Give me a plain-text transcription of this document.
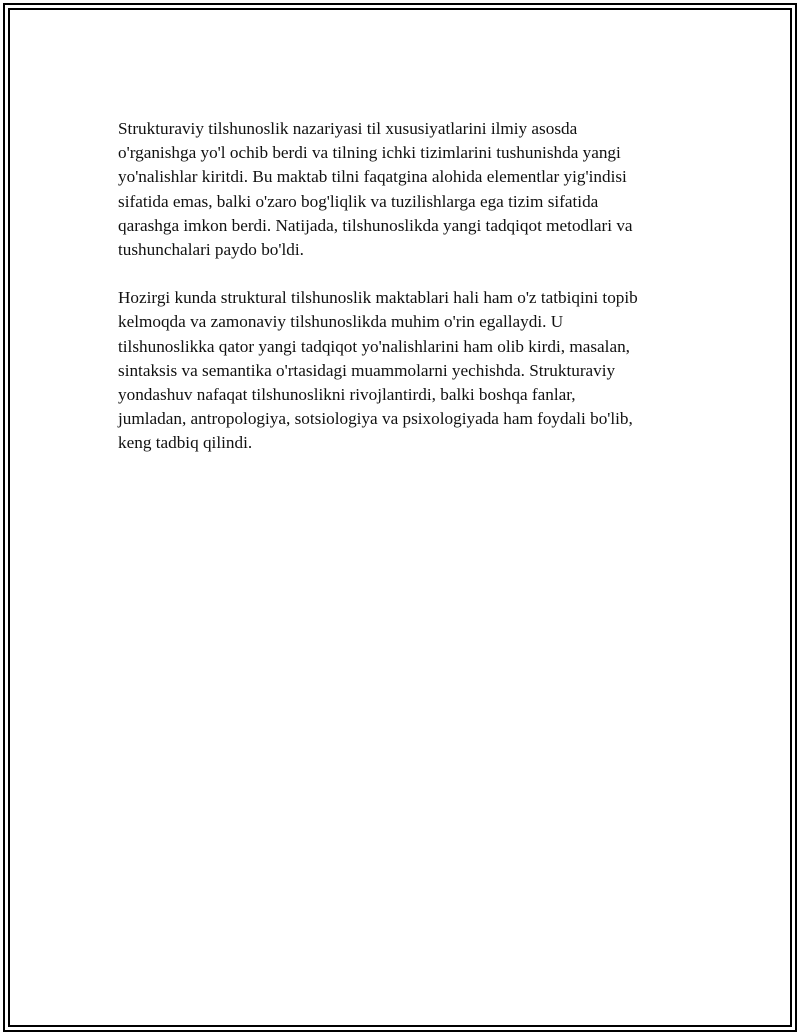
Strukturaviy tilshunoslik nazariyasi til xususiyatlarini ilmiy asosda
o'rganishga yo'l ochib berdi va tilning ichki tizimlarini tushunishda yangi
yo'nalishlar kiritdi. Bu maktab tilni faqatgina alohida elementlar yig'indisi
sifatida emas, balki o'zaro bog'liqlik va tuzilishlarga ega tizim sifatida
qarashga imkon berdi. Natijada, tilshunoslikda yangi tadqiqot metodlari va
tushunchalari paydo bo'ldi.

Hozirgi kunda struktural tilshunoslik maktablari hali ham o'z tatbiqini topib
kelmoqda va zamonaviy tilshunoslikda muhim o'rin egallaydi. U
tilshunoslikka qator yangi tadqiqot yo'nalishlarini ham olib kirdi, masalan,
sintaksis va semantika o'rtasidagi muammolarni yechishda. Strukturaviy
yondashuv nafaqat tilshunoslikni rivojlantirdi, balki boshqa fanlar,
jumladan, antropologiya, sotsiologiya va psixologiyada ham foydali bo'lib,
keng tadbiq qilindi.
